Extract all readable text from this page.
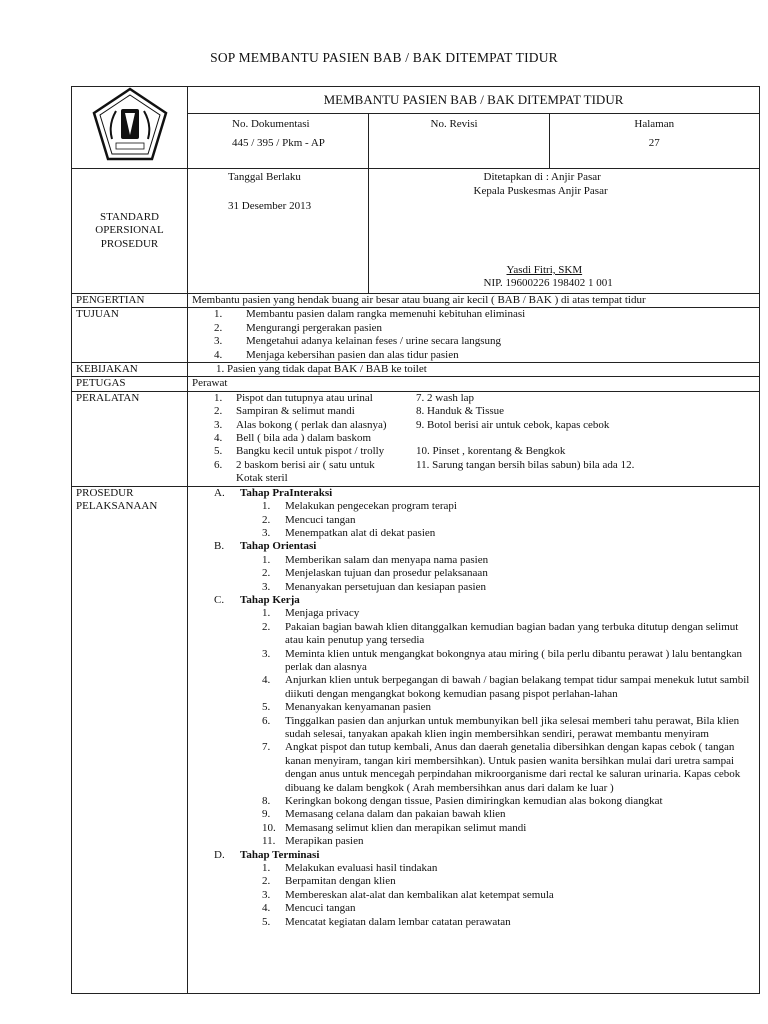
SOP MEMBANTU PASIEN BAB / BAK DITEMPAT TIDUR
	MEMBANTU PASIEN BAB / BAK DITEMPAT TIDUR

No. Dokumentasi	No. Revisi	Halaman
445 / 395 / Pkm - AP		27

STANDARD
OPERSIONAL
PROSEDUR

Tanggal Berlaku
31 Desember 2013

Ditetapkan di : Anjir Pasar
Kepala Puskesmas Anjir Pasar
Yasdi Fitri, SKM
NIP. 19600226 198402 1 001

PENGERTIAN	Membantu pasien yang hendak buang air besar atau buang air kecil ( BAB / BAK ) di atas tempat tidur
TUJUAN	1.	Membantu pasien dalam rangka memenuhi kebituhan eliminasi
2.	Mengurangi pergerakan pasien
3.	Mengetahui adanya kelainan feses / urine secara langsung
4.	Menjaga kebersihan pasien dan alas tidur pasien

KEBIJAKAN	1. Pasien yang tidak dapat BAK / BAB ke toilet
PETUGAS	Perawat
PERALATAN	1.	Pispot dan tutupnya atau urinal	7. 2 wash lap
2.	Sampiran & selimut mandi	8. Handuk & Tissue
3.	Alas bokong ( perlak dan alasnya)	9. Botol berisi air untuk cebok, kapas cebok
4.	Bell ( bila ada ) dalam baskom
5.	Bangku kecil untuk pispot / trolly	10. Pinset , korentang & Bengkok
6.	2 baskom berisi air ( satu untuk	11. Sarung tangan bersih bilas sabun) bila ada 12.
Kotak steril

PROSEDUR
PELAKSANAAN

A. Tahap PraInteraksi
1.	Melakukan pengecekan program terapi
2.	Mencuci tangan
3.	Menempatkan alat di dekat pasien
B. Tahap Orientasi
1.	Memberikan salam dan menyapa nama pasien
2.	Menjelaskan tujuan dan prosedur pelaksanaan
3.	Menanyakan persetujuan dan kesiapan pasien
C. Tahap Kerja
1.	Menjaga privacy
2.	Pakaian bagian bawah klien ditanggalkan kemudian bagian badan yang terbuka ditutup dengan selimut atau kain penutup yang tersedia
3.	Meminta klien untuk mengangkat bokongnya atau miring ( bila perlu dibantu perawat ) lalu bentangkan perlak dan alasnya
4.	Anjurkan klien untuk berpegangan di bawah / bagian belakang tempat tidur sampai menekuk lutut sambil diikuti dengan mengangkat bokong kemudian pasang pispot perlahan-lahan
5.	Menanyakan kenyamanan pasien
6.	Tinggalkan pasien dan anjurkan untuk membunyikan bell jika selesai memberi tahu perawat, Bila klien sudah selesai, tanyakan apakah klien ingin membersihkan sendiri, perawat membantu menyiram
7.	Angkat pispot dan tutup kembali, Anus dan daerah genetalia dibersihkan dengan kapas cebok ( tangan kanan menyiram, tangan kiri membersihkan). Untuk pasien wanita bersihkan mulai dari uretra sampai dengan anus untuk mencegah perpindahan mikroorganisme dari rectal ke saluran urinaria. Kapas cebok dibuang ke dalam bengkok ( Arah membersihkan anus dari dalam ke luar )
8.	Keringkan bokong dengan tissue, Pasien dimiringkan kemudian alas bokong diangkat
9.	Memasang celana dalam dan pakaian bawah klien
10. Memasang selimut klien dan merapikan selimut mandi
11. Merapikan pasien
D. Tahap Terminasi
1.	Melakukan evaluasi hasil tindakan
2.	Berpamitan dengan klien
3.	Membereskan alat-alat dan kembalikan alat ketempat semula
4.	Mencuci tangan
5.	Mencatat kegiatan dalam lembar catatan perawatan
